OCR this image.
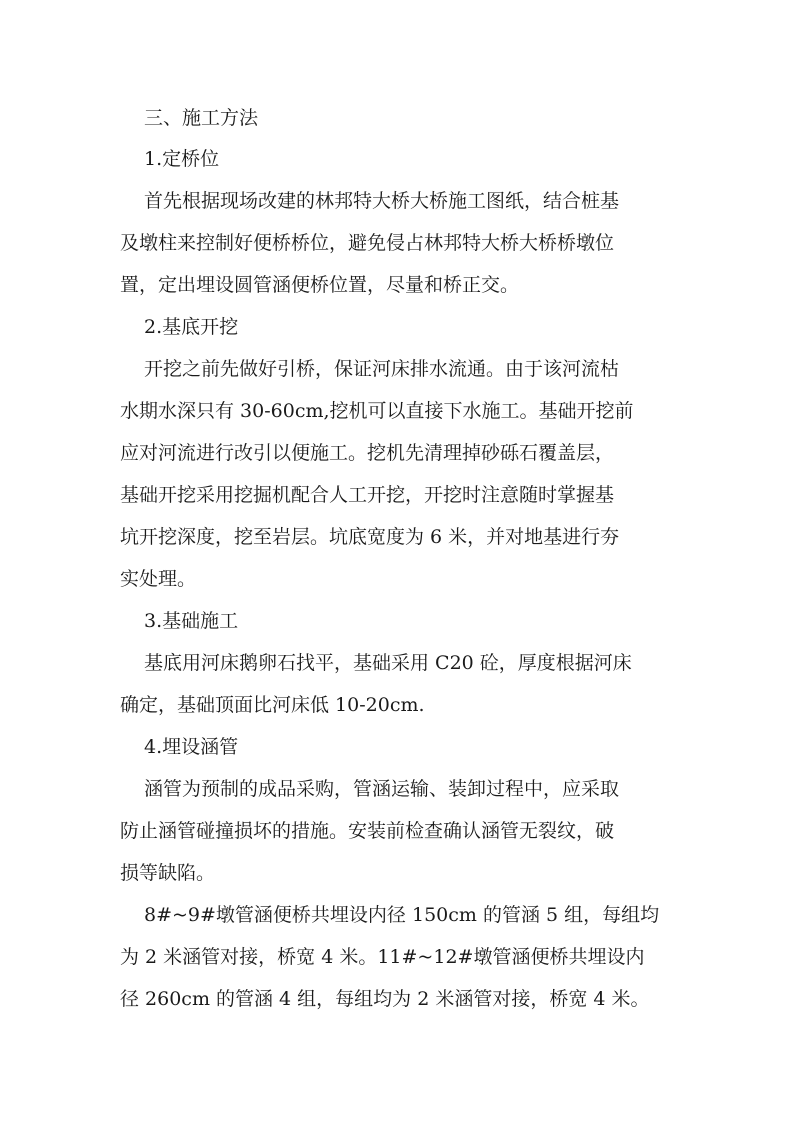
三、施工方法
1.定桥位
首先根据现场改建的林邦特大桥大桥施工图纸，结合桩基
及墩柱来控制好便桥桥位，避免侵占林邦特大桥大桥桥墩位
置，定出埋设圆管涵便桥位置，尽量和桥正交。
2.基底开挖
开挖之前先做好引桥，保证河床排水流通。由于该河流枯
水期水深只有 30-60cm,挖机可以直接下水施工。基础开挖前
应对河流进行改引以便施工。挖机先清理掉砂砾石覆盖层，
基础开挖采用挖掘机配合人工开挖，开挖时注意随时掌握基
坑开挖深度，挖至岩层。坑底宽度为 6 米，并对地基进行夯
实处理。
3.基础施工
基底用河床鹅卵石找平，基础采用 C20 砼，厚度根据河床
确定，基础顶面比河床低 10-20cm.
4.埋设涵管
涵管为预制的成品采购，管涵运输、装卸过程中，应采取
防止涵管碰撞损坏的措施。安装前检查确认涵管无裂纹，破
损等缺陷。
8#~9#墩管涵便桥共埋设内径 150cm 的管涵 5 组，每组均
为 2 米涵管对接，桥宽 4 米。11#~12#墩管涵便桥共埋设内
径 260cm 的管涵 4 组，每组均为 2 米涵管对接，桥宽 4 米。
